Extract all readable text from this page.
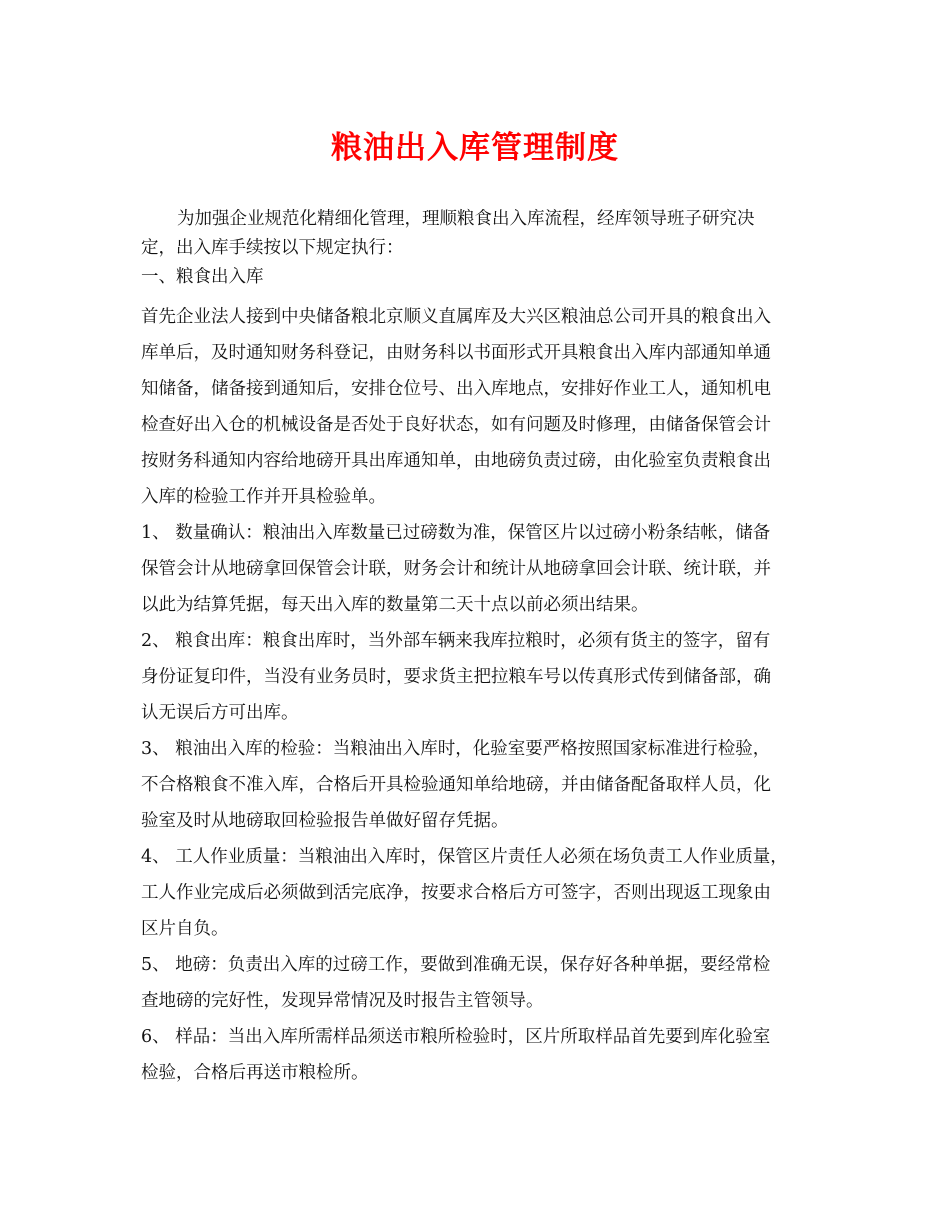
粮油出入库管理制度
为加强企业规范化精细化管理，理顺粮食出入库流程，经库领导班子研究决
定，出入库手续按以下规定执行：
一、粮食出入库
首先企业法人接到中央储备粮北京顺义直属库及大兴区粮油总公司开具的粮食出入
库单后，及时通知财务科登记，由财务科以书面形式开具粮食出入库内部通知单通
知储备，储备接到通知后，安排仓位号、出入库地点，安排好作业工人，通知机电
检查好出入仓的机械设备是否处于良好状态，如有问题及时修理，由储备保管会计
按财务科通知内容给地磅开具出库通知单，由地磅负责过磅，由化验室负责粮食出
入库的检验工作并开具检验单。
1、 数量确认：粮油出入库数量已过磅数为准，保管区片以过磅小粉条结帐，储备
保管会计从地磅拿回保管会计联，财务会计和统计从地磅拿回会计联、统计联，并
以此为结算凭据，每天出入库的数量第二天十点以前必须出结果。
2、 粮食出库：粮食出库时，当外部车辆来我库拉粮时，必须有货主的签字，留有
身份证复印件，当没有业务员时，要求货主把拉粮车号以传真形式传到储备部，确
认无误后方可出库。
3、 粮油出入库的检验：当粮油出入库时，化验室要严格按照国家标准进行检验，
不合格粮食不准入库，合格后开具检验通知单给地磅，并由储备配备取样人员，化
验室及时从地磅取回检验报告单做好留存凭据。
4、 工人作业质量：当粮油出入库时，保管区片责任人必须在场负责工人作业质量，
工人作业完成后必须做到活完底净，按要求合格后方可签字，否则出现返工现象由
区片自负。
5、 地磅：负责出入库的过磅工作，要做到准确无误，保存好各种单据，要经常检
查地磅的完好性，发现异常情况及时报告主管领导。
6、 样品：当出入库所需样品须送市粮所检验时，区片所取样品首先要到库化验室
检验，合格后再送市粮检所。
